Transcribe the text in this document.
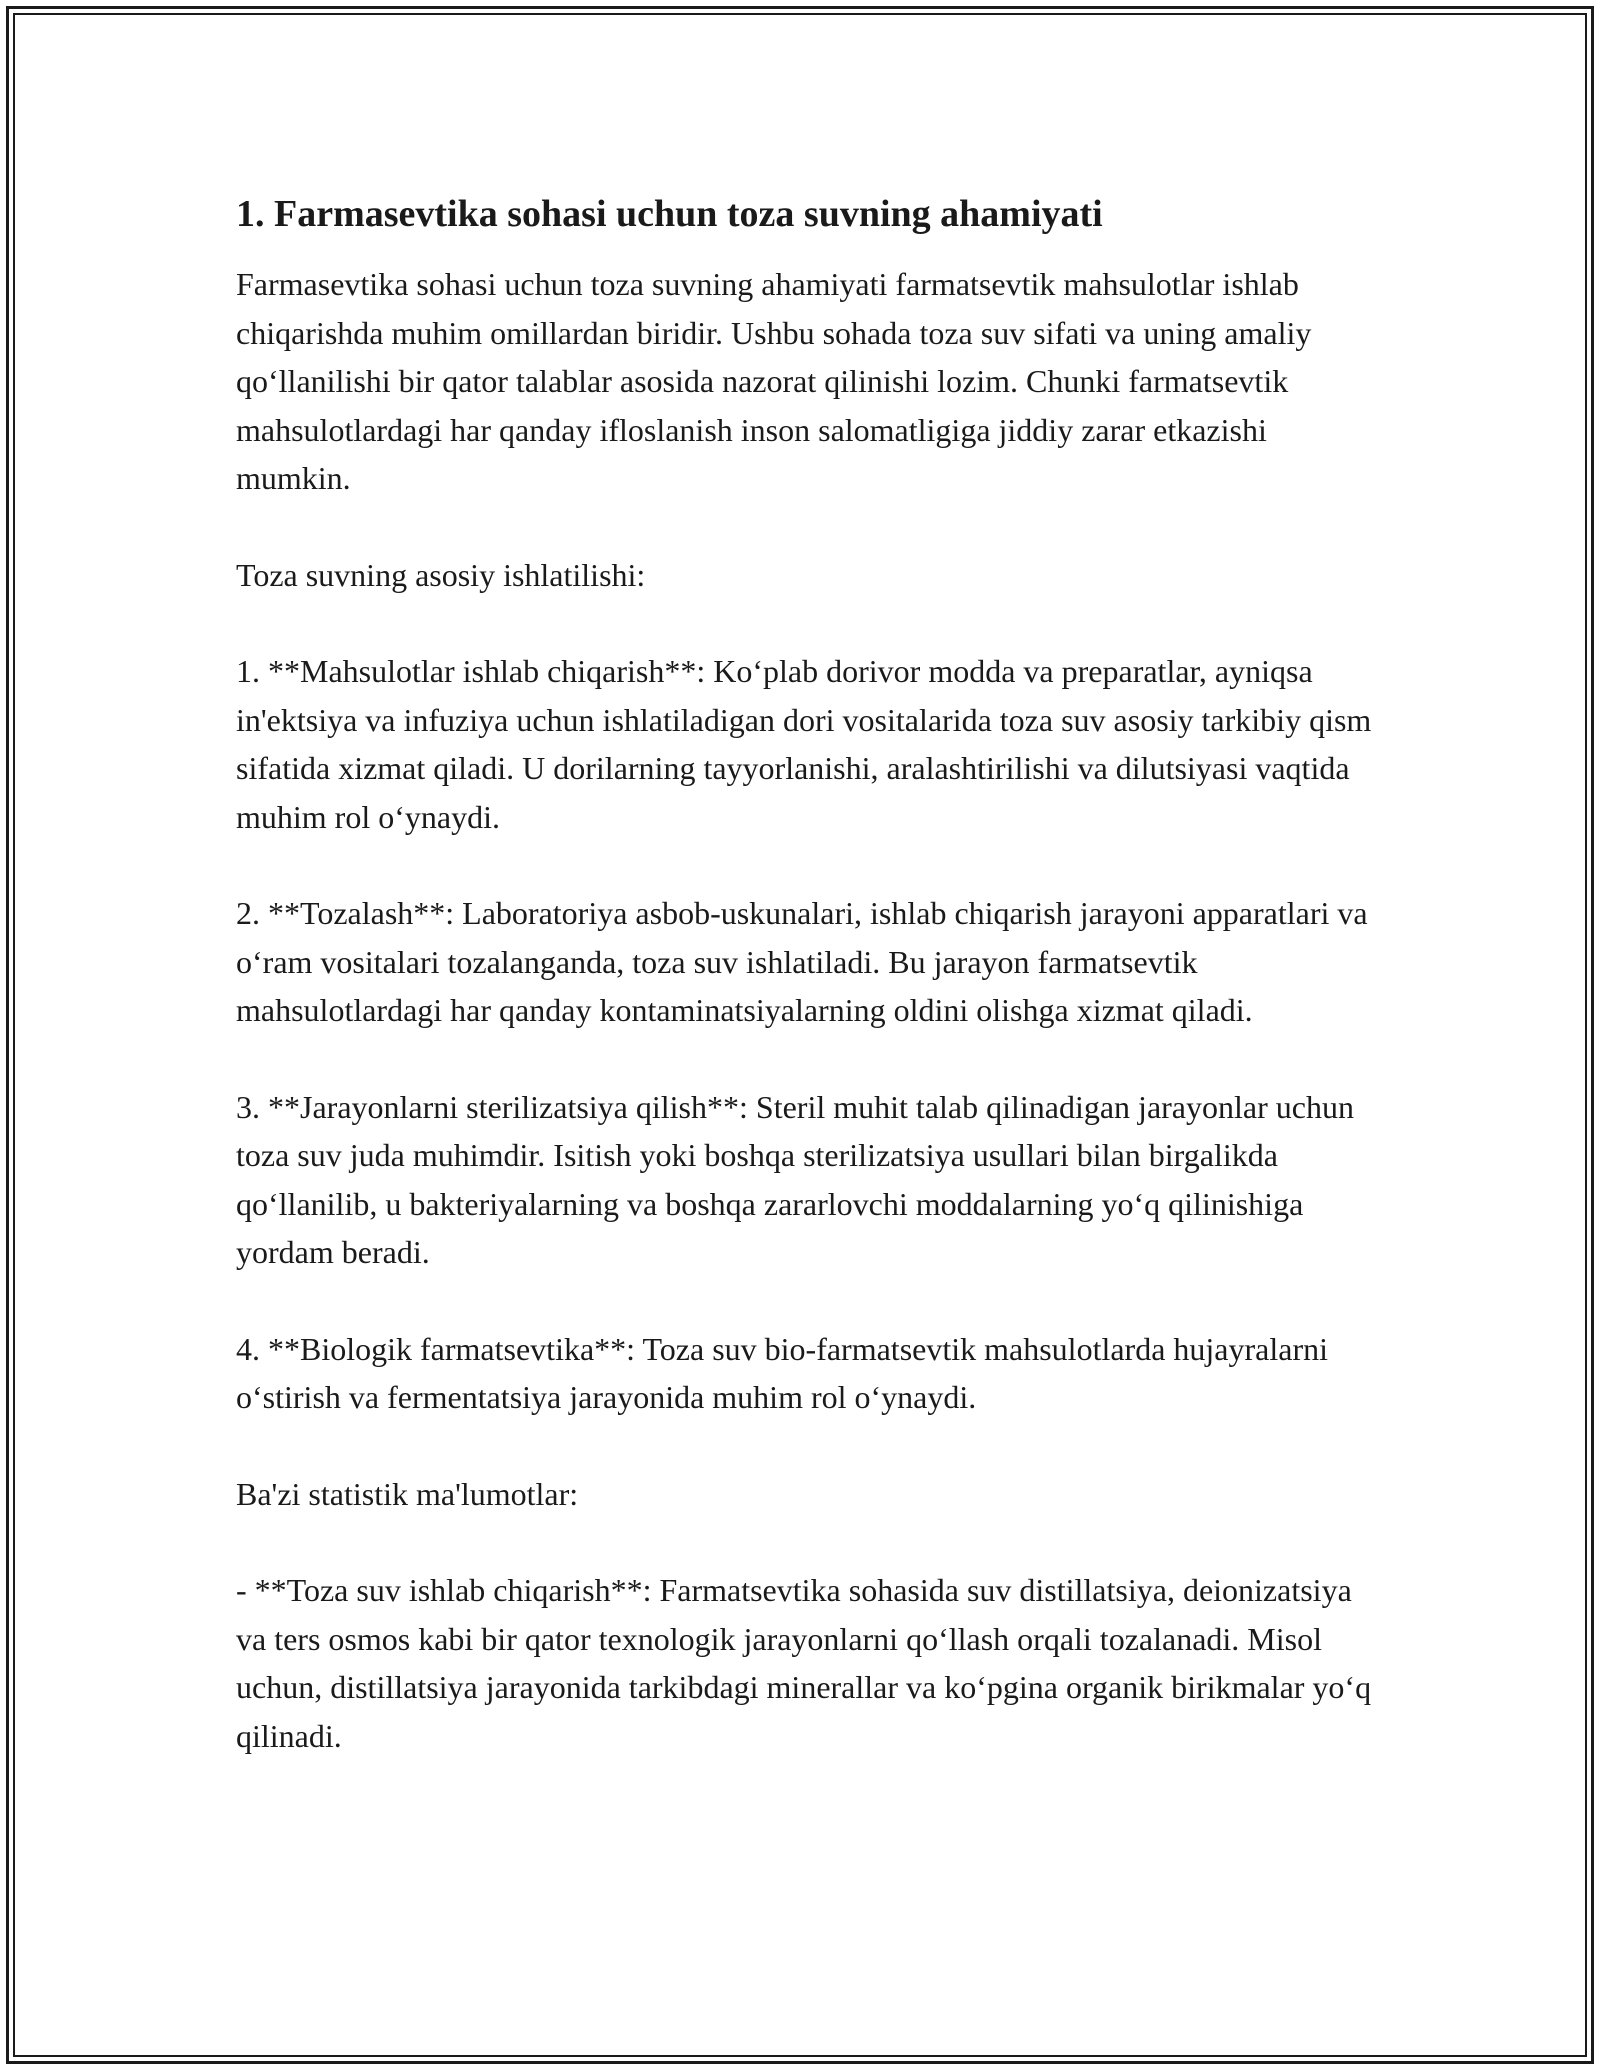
1. Farmasevtika sohasi uchun toza suvning ahamiyati

Farmasevtika sohasi uchun toza suvning ahamiyati farmatsevtik mahsulotlar ishlab chiqarishda muhim omillardan biridir. Ushbu sohada toza suv sifati va uning amaliy qo‘llanilishi bir qator talablar asosida nazorat qilinishi lozim. Chunki farmatsevtik mahsulotlardagi har qanday ifloslanish inson salomatligiga jiddiy zarar etkazishi mumkin.

Toza suvning asosiy ishlatilishi:

1. **Mahsulotlar ishlab chiqarish**: Ko‘plab dorivor modda va preparatlar, ayniqsa in'ektsiya va infuziya uchun ishlatiladigan dori vositalarida toza suv asosiy tarkibiy qism sifatida xizmat qiladi. U dorilarning tayyorlanishi, aralashtirilishi va dilutsiyasi vaqtida muhim rol o‘ynaydi.

2. **Tozalash**: Laboratoriya asbob-uskunalari, ishlab chiqarish jarayoni apparatlari va o‘ram vositalari tozalanganda, toza suv ishlatiladi. Bu jarayon farmatsevtik mahsulotlardagi har qanday kontaminatsiyalarning oldini olishga xizmat qiladi.

3. **Jarayonlarni sterilizatsiya qilish**: Steril muhit talab qilinadigan jarayonlar uchun toza suv juda muhimdir. Isitish yoki boshqa sterilizatsiya usullari bilan birgalikda qo‘llanilib, u bakteriyalarning va boshqa zararlovchi moddalarning yo‘q qilinishiga yordam beradi.

4. **Biologik farmatsevtika**: Toza suv bio-farmatsevtik mahsulotlarda hujayralarni o‘stirish va fermentatsiya jarayonida muhim rol o‘ynaydi.

Ba'zi statistik ma'lumotlar:

- **Toza suv ishlab chiqarish**: Farmatsevtika sohasida suv distillatsiya, deionizatsiya va ters osmos kabi bir qator texnologik jarayonlarni qo‘llash orqali tozalanadi. Misol uchun, distillatsiya jarayonida tarkibdagi minerallar va ko‘pgina organik birikmalar yo‘q qilinadi.
